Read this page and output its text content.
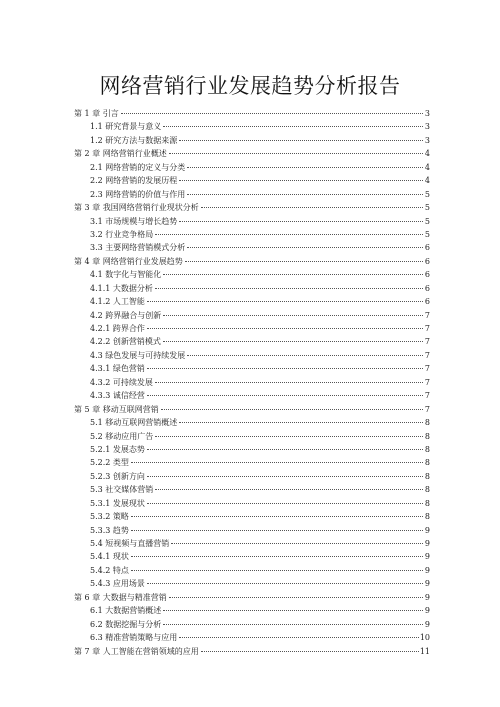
网络营销行业发展趋势分析报告
第 1 章 引言	3
1.1 研究背景与意义	3
1.2 研究方法与数据来源	3
第 2 章 网络营销行业概述	4
2.1 网络营销的定义与分类	4
2.2 网络营销的发展历程	4
2.3 网络营销的价值与作用	5
第 3 章 我国网络营销行业现状分析	5
3.1 市场规模与增长趋势	5
3.2 行业竞争格局	5
3.3 主要网络营销模式分析	6
第 4 章 网络营销行业发展趋势	6
4.1 数字化与智能化	6
4.1.1 大数据分析	6
4.1.2 人工智能	6
4.2 跨界融合与创新	7
4.2.1 跨界合作	7
4.2.2 创新营销模式	7
4.3 绿色发展与可持续发展	7
4.3.1 绿色营销	7
4.3.2 可持续发展	7
4.3.3 诚信经营	7
第 5 章 移动互联网营销	7
5.1 移动互联网营销概述	8
5.2 移动应用广告	8
5.2.1 发展态势	8
5.2.2 类型	8
5.2.3 创新方向	8
5.3 社交媒体营销	8
5.3.1 发展现状	8
5.3.2 策略	8
5.3.3 趋势	9
5.4 短视频与直播营销	9
5.4.1 现状	9
5.4.2 特点	9
5.4.3 应用场景	9
第 6 章 大数据与精准营销	9
6.1 大数据营销概述	9
6.2 数据挖掘与分析	9
6.3 精准营销策略与应用	10
第 7 章 人工智能在营销领域的应用	11
